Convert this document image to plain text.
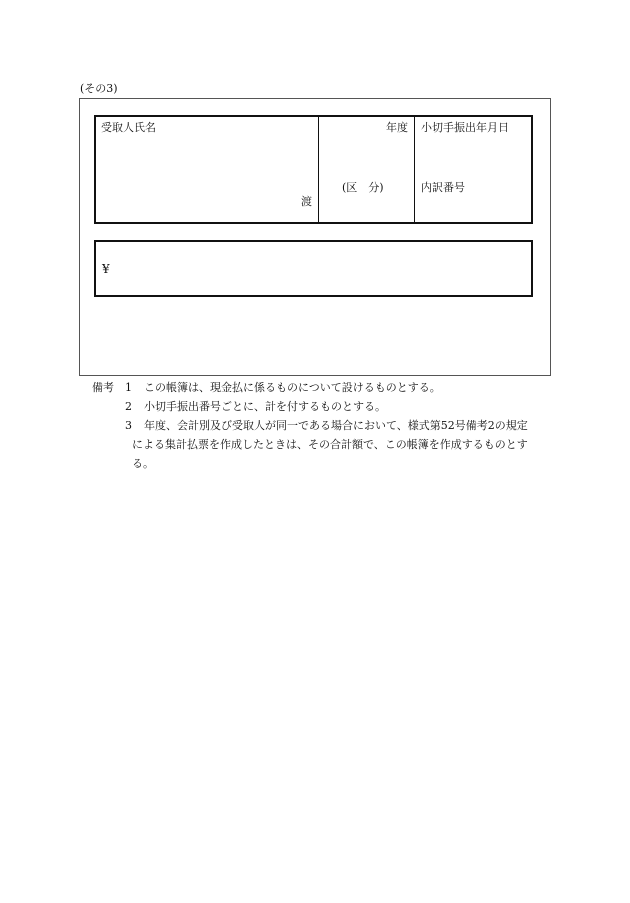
(その3)
受取人氏名
渡
年度
(区　分)
小切手振出年月日
内訳番号
¥
備考 1 この帳簿は、現金払に係るものについて設けるものとする。
2 小切手振出番号ごとに、計を付するものとする。
3 年度、会計別及び受取人が同一である場合において、様式第52号備考2の規定
による集計払票を作成したときは、その合計額で、この帳簿を作成するものとす
る。
